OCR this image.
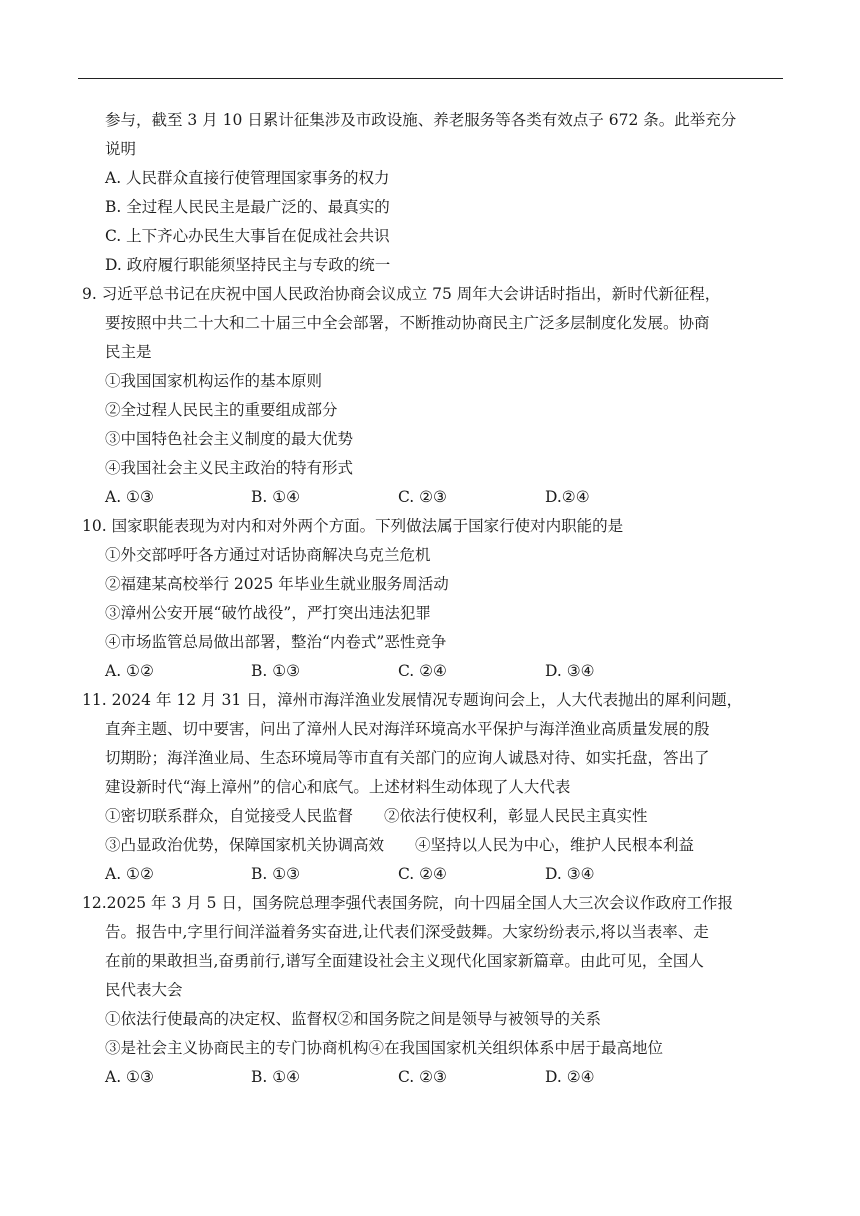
参与，截至 3 月 10 日累计征集涉及市政设施、养老服务等各类有效点子 672 条。此举充分
说明
A. 人民群众直接行使管理国家事务的权力
B. 全过程人民民主是最广泛的、最真实的
C. 上下齐心办民生大事旨在促成社会共识
D. 政府履行职能须坚持民主与专政的统一
9. 习近平总书记在庆祝中国人民政治协商会议成立 75 周年大会讲话时指出，新时代新征程，
要按照中共二十大和二十届三中全会部署，不断推动协商民主广泛多层制度化发展。协商
民主是
①我国国家机构运作的基本原则
②全过程人民民主的重要组成部分
③中国特色社会主义制度的最大优势
④我国社会主义民主政治的特有形式
A. ①③	B. ①④	C. ②③	D.②④
10. 国家职能表现为对内和对外两个方面。下列做法属于国家行使对内职能的是
①外交部呼吁各方通过对话协商解决乌克兰危机
②福建某高校举行 2025 年毕业生就业服务周活动
③漳州公安开展“破竹战役”，严打突出违法犯罪
④市场监管总局做出部署，整治“内卷式”恶性竞争
A. ①②	B. ①③	C. ②④	D. ③④
11. 2024 年 12 月 31 日，漳州市海洋渔业发展情况专题询问会上，人大代表抛出的犀利问题，
直奔主题、切中要害，问出了漳州人民对海洋环境高水平保护与海洋渔业高质量发展的殷
切期盼；海洋渔业局、生态环境局等市直有关部门的应询人诚恳对待、如实托盘，答出了
建设新时代“海上漳州”的信心和底气。上述材料生动体现了人大代表
①密切联系群众，自觉接受人民监督　　②依法行使权利，彰显人民民主真实性
③凸显政治优势，保障国家机关协调高效　　④坚持以人民为中心，维护人民根本利益
A. ①②	B. ①③	C. ②④	D. ③④
12.2025 年 3 月 5 日，国务院总理李强代表国务院，向十四届全国人大三次会议作政府工作报
告。报告中,字里行间洋溢着务实奋进,让代表们深受鼓舞。大家纷纷表示,将以当表率、走
在前的果敢担当,奋勇前行,谱写全面建设社会主义现代化国家新篇章。由此可见，全国人
民代表大会
①依法行使最高的决定权、监督权②和国务院之间是领导与被领导的关系
③是社会主义协商民主的专门协商机构④在我国国家机关组织体系中居于最高地位
A. ①③	B. ①④	C. ②③	D. ②④
